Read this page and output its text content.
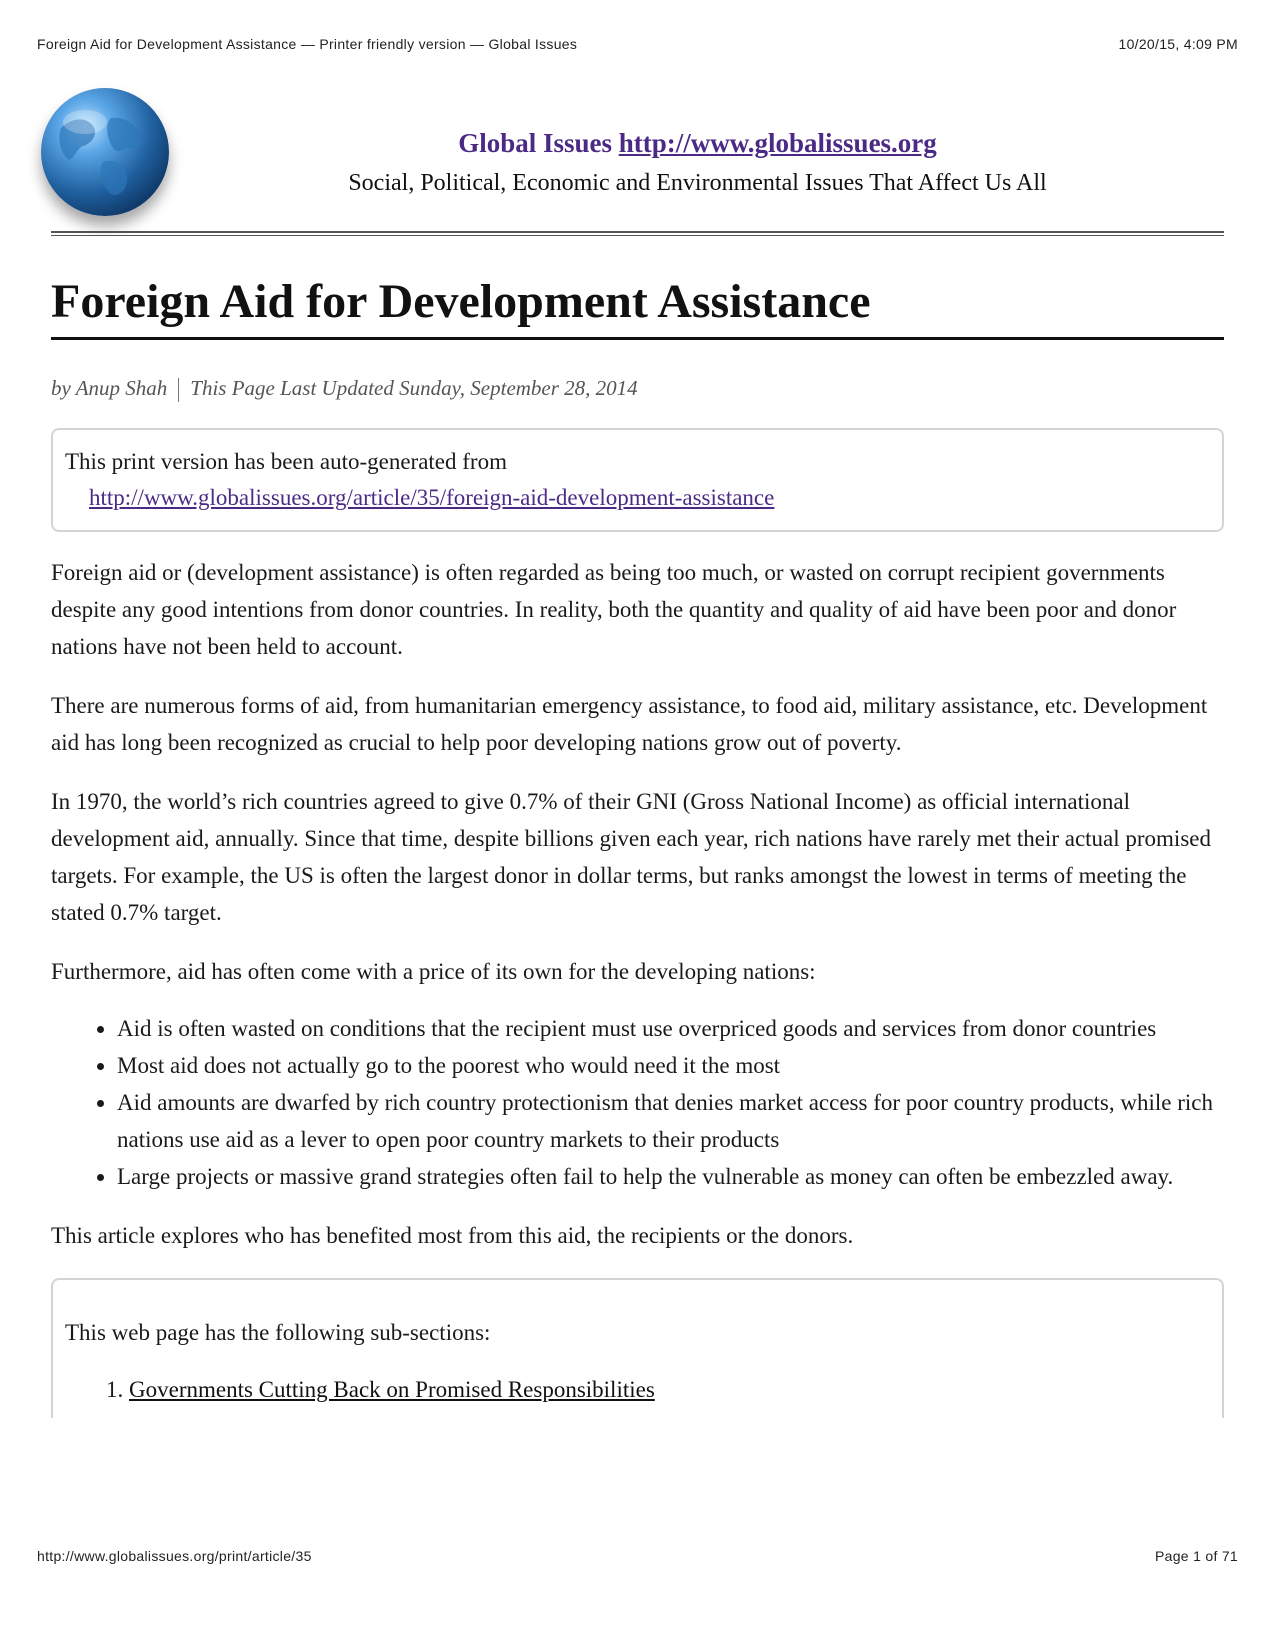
Foreign Aid for Development Assistance — Printer friendly version — Global Issues	10/20/15, 4:09 PM
Global Issues http://www.globalissues.org
Social, Political, Economic and Environmental Issues That Affect Us All
Foreign Aid for Development Assistance
by Anup Shah This Page Last Updated Sunday, September 28, 2014
This print version has been auto-generated from
http://www.globalissues.org/article/35/foreign-aid-development-assistance

Foreign aid or (development assistance) is often regarded as being too much, or wasted on corrupt recipient governments despite any good intentions from donor countries. In reality, both the quantity and quality of aid have been poor and donor nations have not been held to account.

There are numerous forms of aid, from humanitarian emergency assistance, to food aid, military assistance, etc. Development aid has long been recognized as crucial to help poor developing nations grow out of poverty.

In 1970, the world’s rich countries agreed to give 0.7% of their GNI (Gross National Income) as official international development aid, annually. Since that time, despite billions given each year, rich nations have rarely met their actual promised targets. For example, the US is often the largest donor in dollar terms, but ranks amongst the lowest in terms of meeting the stated 0.7% target.

Furthermore, aid has often come with a price of its own for the developing nations:

• Aid is often wasted on conditions that the recipient must use overpriced goods and services from donor countries
• Most aid does not actually go to the poorest who would need it the most
• Aid amounts are dwarfed by rich country protectionism that denies market access for poor country products, while rich nations use aid as a lever to open poor country markets to their products
• Large projects or massive grand strategies often fail to help the vulnerable as money can often be embezzled away.

This article explores who has benefited most from this aid, the recipients or the donors.

This web page has the following sub-sections:

1. Governments Cutting Back on Promised Responsibilities
http://www.globalissues.org/print/article/35	Page 1 of 71
